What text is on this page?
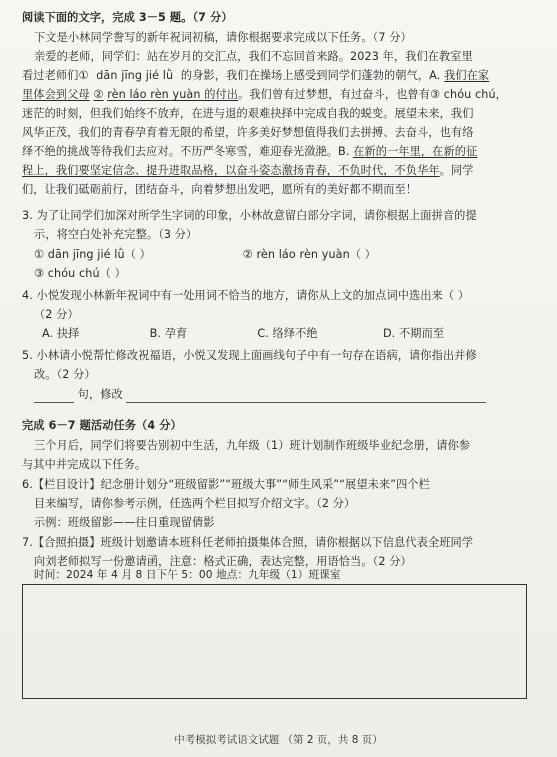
阅读下面的文字，完成 3－5 题。（7 分）
下文是小林同学誊写的新年祝词初稿，请你根据要求完成以下任务。（7 分）
亲爱的老师，同学们：站在岁月的交汇点，我们不忘回首来路。2023 年，我们在教室里
看过老师们① dān jīng jié lǜ 的身影，我们在操场上感受到同学们蓬勃的朝气，A. 我们在家
里体会到父母 ② rèn láo rèn yuàn 的付出。我们曾有过梦想，有过奋斗，也曾有③ chóu chú，
迷茫的时刻，但我们始终不放弃，在进与退的艰难抉择中完成自我的蜕变。展望未来，我们
风华正茂，我们的青春孕育着无限的希望，许多美好梦想值得我们去拼搏、去奋斗，也有络
绎不绝的挑战等待我们去应对。不历严冬寒雪，难迎春光潋滟。B. 在新的一年里，在新的征
程上，我们要坚定信念、提升进取品格，以奋斗姿态激扬青春，不负时代，不负华年。同学
们，让我们砥砺前行，团结奋斗，向着梦想出发吧，愿所有的美好都不期而至！
3. 为了让同学们加深对所学生字词的印象，小林故意留白部分字词，请你根据上面拼音的提
示，将空白处补充完整。（3 分）
① dān jīng jié lǜ（ ）	② rèn láo rèn yuàn（ ）
③ chóu chú（ ）
4. 小悦发现小林新年祝词中有一处用词不恰当的地方，请你从上文的加点词中选出来（ ）
（2 分）
A. 抉择	B. 孕育	C. 络绎不绝	D. 不期而至
5. 小林请小悦帮忙修改祝福语，小悦又发现上面画线句子中有一句存在语病，请你指出并修
改。（2 分）
句，修改
完成 6－7 题活动任务（4 分）
三个月后，同学们将要告别初中生活，九年级（1）班计划制作班级毕业纪念册，请你参
与其中并完成以下任务。
6.【栏目设计】纪念册计划分“班级留影”“班级大事”“师生风采”“展望未来”四个栏
目来编写，请你参考示例，任选两个栏目拟写介绍文字。（2 分）
示例：班级留影——往日重现留倩影
7.【合照拍摄】班级计划邀请本班科任老师拍摄集体合照，请你根据以下信息代表全班同学
向刘老师拟写一份邀请函，注意：格式正确，表达完整，用语恰当。（2 分）
时间：2024 年 4 月 8 日下午 5：00 地点：九年级（1）班课室
中考模拟考试语文试题 （第 2 页，共 8 页）
